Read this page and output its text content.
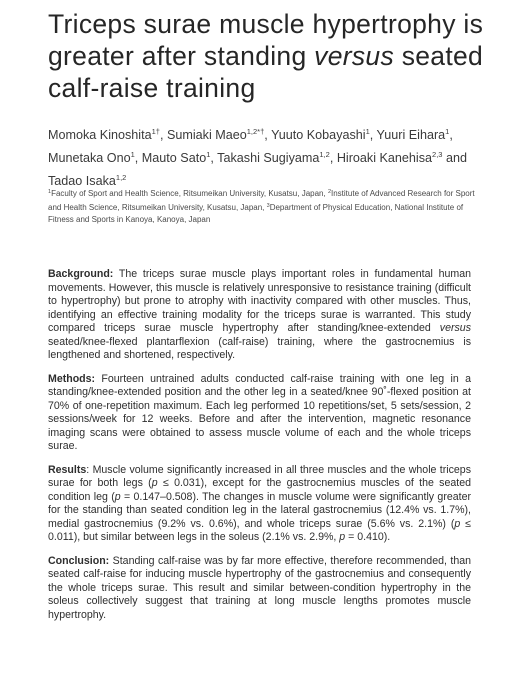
Triceps surae muscle hypertrophy is greater after standing versus seated calf-raise training
Momoka Kinoshita$^{1\dagger}$, Sumiaki Maeo$^{1,2*\dagger}$, Yuuto Kobayashi$^1$, Yuuri Eihara$^1$, Munetaka Ono$^1$, Mauto Sato$^1$, Takashi Sugiyama$^{1,2}$, Hiroaki Kanehisa$^{2,3}$ and Tadao Isaka$^{1,2}$
$^1$Faculty of Sport and Health Science, Ritsumeikan University, Kusatsu, Japan, $^2$Institute of Advanced Research for Sport and Health Science, Ritsumeikan University, Kusatsu, Japan, $^3$Department of Physical Education, National Institute of Fitness and Sports in Kanoya, Kanoya, Japan

Background: The triceps surae muscle plays important roles in fundamental human movements. However, this muscle is relatively unresponsive to resistance training (difficult to hypertrophy) but prone to atrophy with inactivity compared with other muscles. Thus, identifying an effective training modality for the triceps surae is warranted. This study compared triceps surae muscle hypertrophy after standing/knee-extended versus seated/knee-flexed plantarflexion (calf-raise) training, where the gastrocnemius is lengthened and shortened, respectively.

Methods: Fourteen untrained adults conducted calf-raise training with one leg in a standing/knee-extended position and the other leg in a seated/knee 90˚-flexed position at 70% of one-repetition maximum. Each leg performed 10 repetitions/set, 5 sets/session, 2 sessions/week for 12 weeks. Before and after the intervention, magnetic resonance imaging scans were obtained to assess muscle volume of each and the whole triceps surae.

Results: Muscle volume significantly increased in all three muscles and the whole triceps surae for both legs (p ≤ 0.031), except for the gastrocnemius muscles of the seated condition leg (p = 0.147–0.508). The changes in muscle volume were significantly greater for the standing than seated condition leg in the lateral gastrocnemius (12.4% vs. 1.7%), medial gastrocnemius (9.2% vs. 0.6%), and whole triceps surae (5.6% vs. 2.1%) (p ≤ 0.011), but similar between legs in the soleus (2.1% vs. 2.9%, p = 0.410).

Conclusion: Standing calf-raise was by far more effective, therefore recommended, than seated calf-raise for inducing muscle hypertrophy of the gastrocnemius and consequently the whole triceps surae. This result and similar between-condition hypertrophy in the soleus collectively suggest that training at long muscle lengths promotes muscle hypertrophy.
